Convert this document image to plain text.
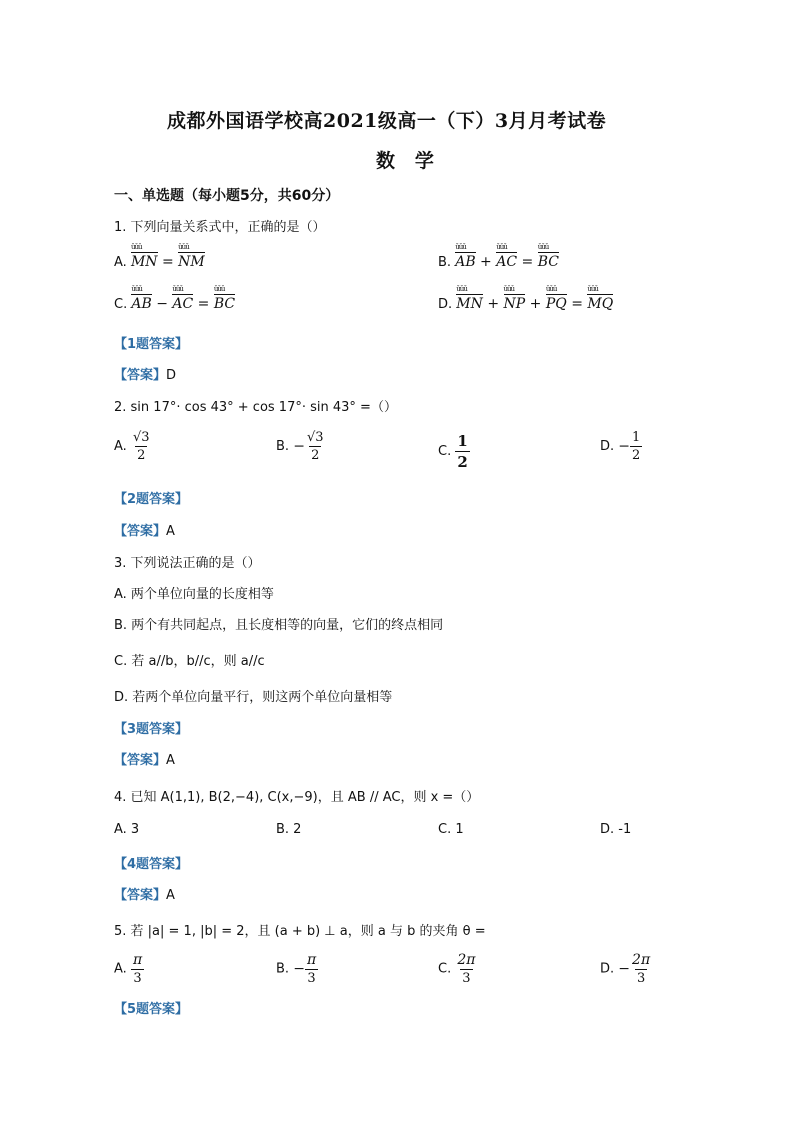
成都外国语学校高2021级高一（下）3月月考试卷
数   学
一、单选题（每小题5分，共60分）
1. 下列向量关系式中，正确的是（）
A. MN ǔǔǔ = NM ǔǔǔ	B. AB ǔǔǔ + AC ǔǔǔ = BC ǔǔǔ
C. AB ǔǔǔ − AC ǔǔǔ = BC ǔǔǔ	D. MN ǔǔǔ + NP ǔǔǔ + PQ ǔǔǔ = MQ ǔǔǔ
【1题答案】
【答案】D
2. sin 17°· cos 43° + cos 17°· sin 43° =（）
A. $\frac{√3}{2}$	B. − $\frac{√3}{2}$	C. $\frac{1}{2}$	D. − $\frac{1}{2}$
【2题答案】
【答案】A
3. 下列说法正确的是（）
A. 两个单位向量的长度相等
B. 两个有共同起点，且长度相等的向量，它们的终点相同
C. 若 a//b，b//c，则 a//c
D. 若两个单位向量平行，则这两个单位向量相等
【3题答案】
【答案】A
4. 已知 A(1,1), B(2,−4), C(x,−9)，且 AB // AC，则 x =（）
A. 3	B. 2	C. 1	D. -1
【4题答案】
【答案】A
5. 若 |a| = 1, |b| = 2，且 (a + b) ⊥ a，则 a 与 b 的夹角 θ =
A. $\frac{\pi}{3}$	B. − $\frac{\pi}{3}$	C. $\frac{2\pi}{3}$	D. − $\frac{2\pi}{3}$
【5题答案】
